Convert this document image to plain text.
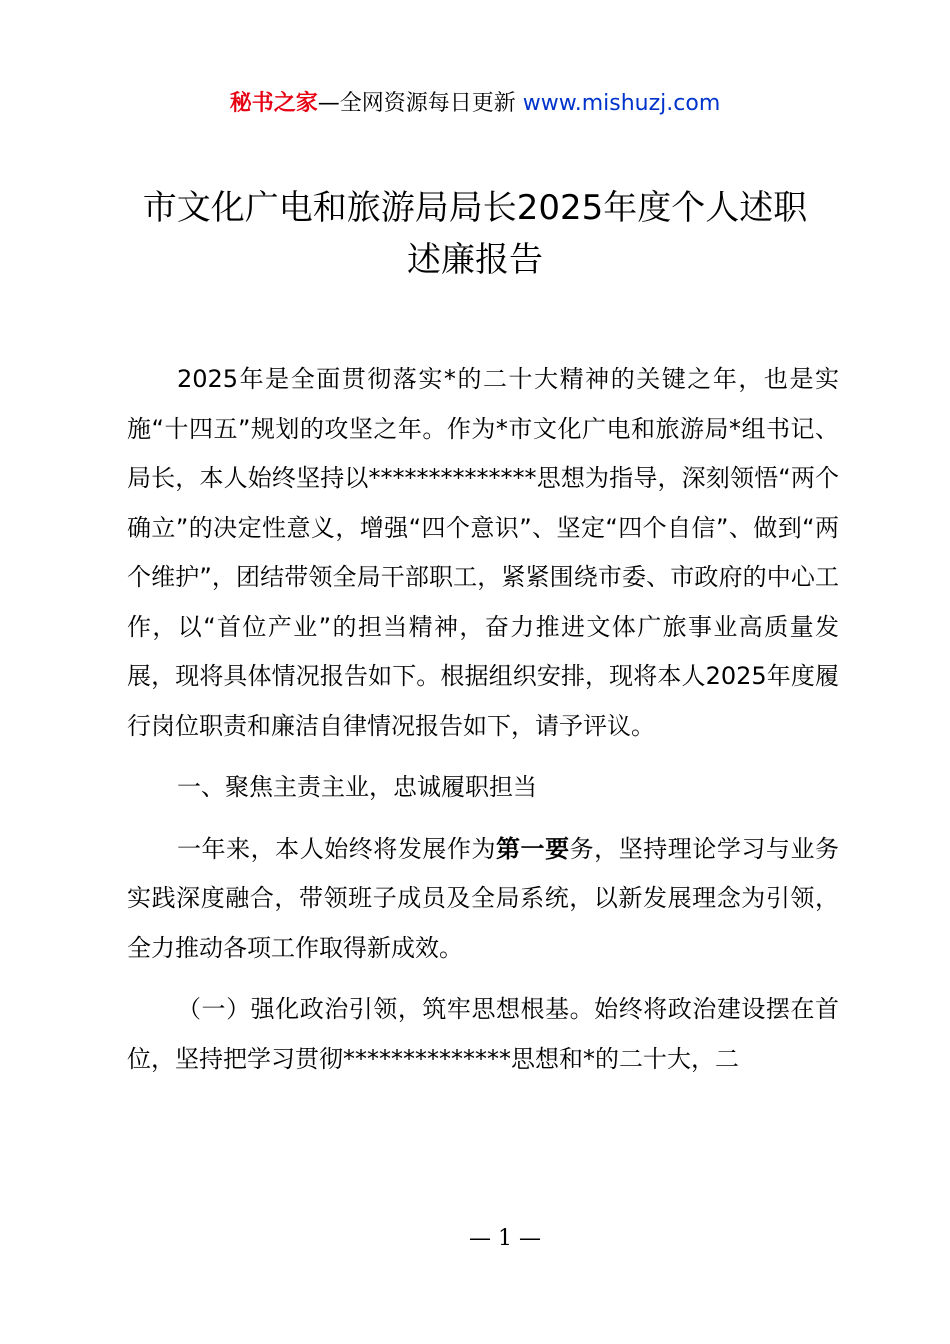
秘书之家—全网资源每日更新 www.mishuzj.com
市文化广电和旅游局局长2025年度个人述职
述廉报告

2025年是全面贯彻落实*的二十大精神的关键之年，也是实施“十四五”规划的攻坚之年。作为*市文化广电和旅游局*组书记、局长，本人始终坚持以**************思想为指导，深刻领悟“两个确立”的决定性意义，增强“四个意识”、坚定“四个自信”、做到“两个维护”，团结带领全局干部职工，紧紧围绕市委、市政府的中心工作，以“首位产业”的担当精神，奋力推进文体广旅事业高质量发展，现将具体情况报告如下。根据组织安排，现将本人2025年度履行岗位职责和廉洁自律情况报告如下，请予评议。

一、聚焦主责主业，忠诚履职担当

一年来，本人始终将发展作为第一要务，坚持理论学习与业务实践深度融合，带领班子成员及全局系统，以新发展理念为引领，全力推动各项工作取得新成效。

（一）强化政治引领，筑牢思想根基。始终将政治建设摆在首位，坚持把学习贯彻**************思想和*的二十大，二

— 1 —
